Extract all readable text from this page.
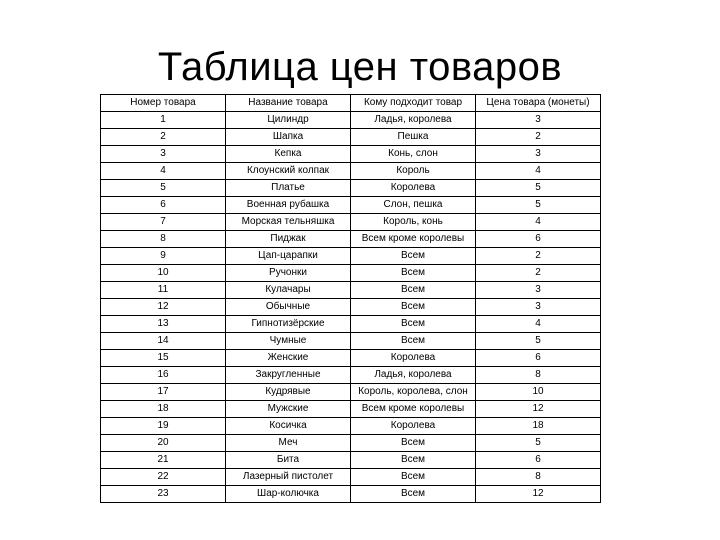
Таблица цен товаров
Номер товара	Название товара	Кому подходит товар	Цена товара (монеты)
1	Цилиндр	Ладья, королева	3
2	Шапка	Пешка	2
3	Кепка	Конь, слон	3
4	Клоунский колпак	Король	4
5	Платье	Королева	5
6	Военная рубашка	Слон, пешка	5
7	Морская тельняшка	Король, конь	4
8	Пиджак	Всем кроме королевы	6
9	Цап-царапки	Всем	2
10	Ручонки	Всем	2
11	Кулачары	Всем	3
12	Обычные	Всем	3
13	Гипнотизёрские	Всем	4
14	Чумные	Всем	5
15	Женские	Королева	6
16	Закругленные	Ладья, королева	8
17	Кудрявые	Король, королева, слон	10
18	Мужские	Всем кроме королевы	12
19	Косичка	Королева	18
20	Меч	Всем	5
21	Бита	Всем	6
22	Лазерный пистолет	Всем	8
23	Шар-колючка	Всем	12
